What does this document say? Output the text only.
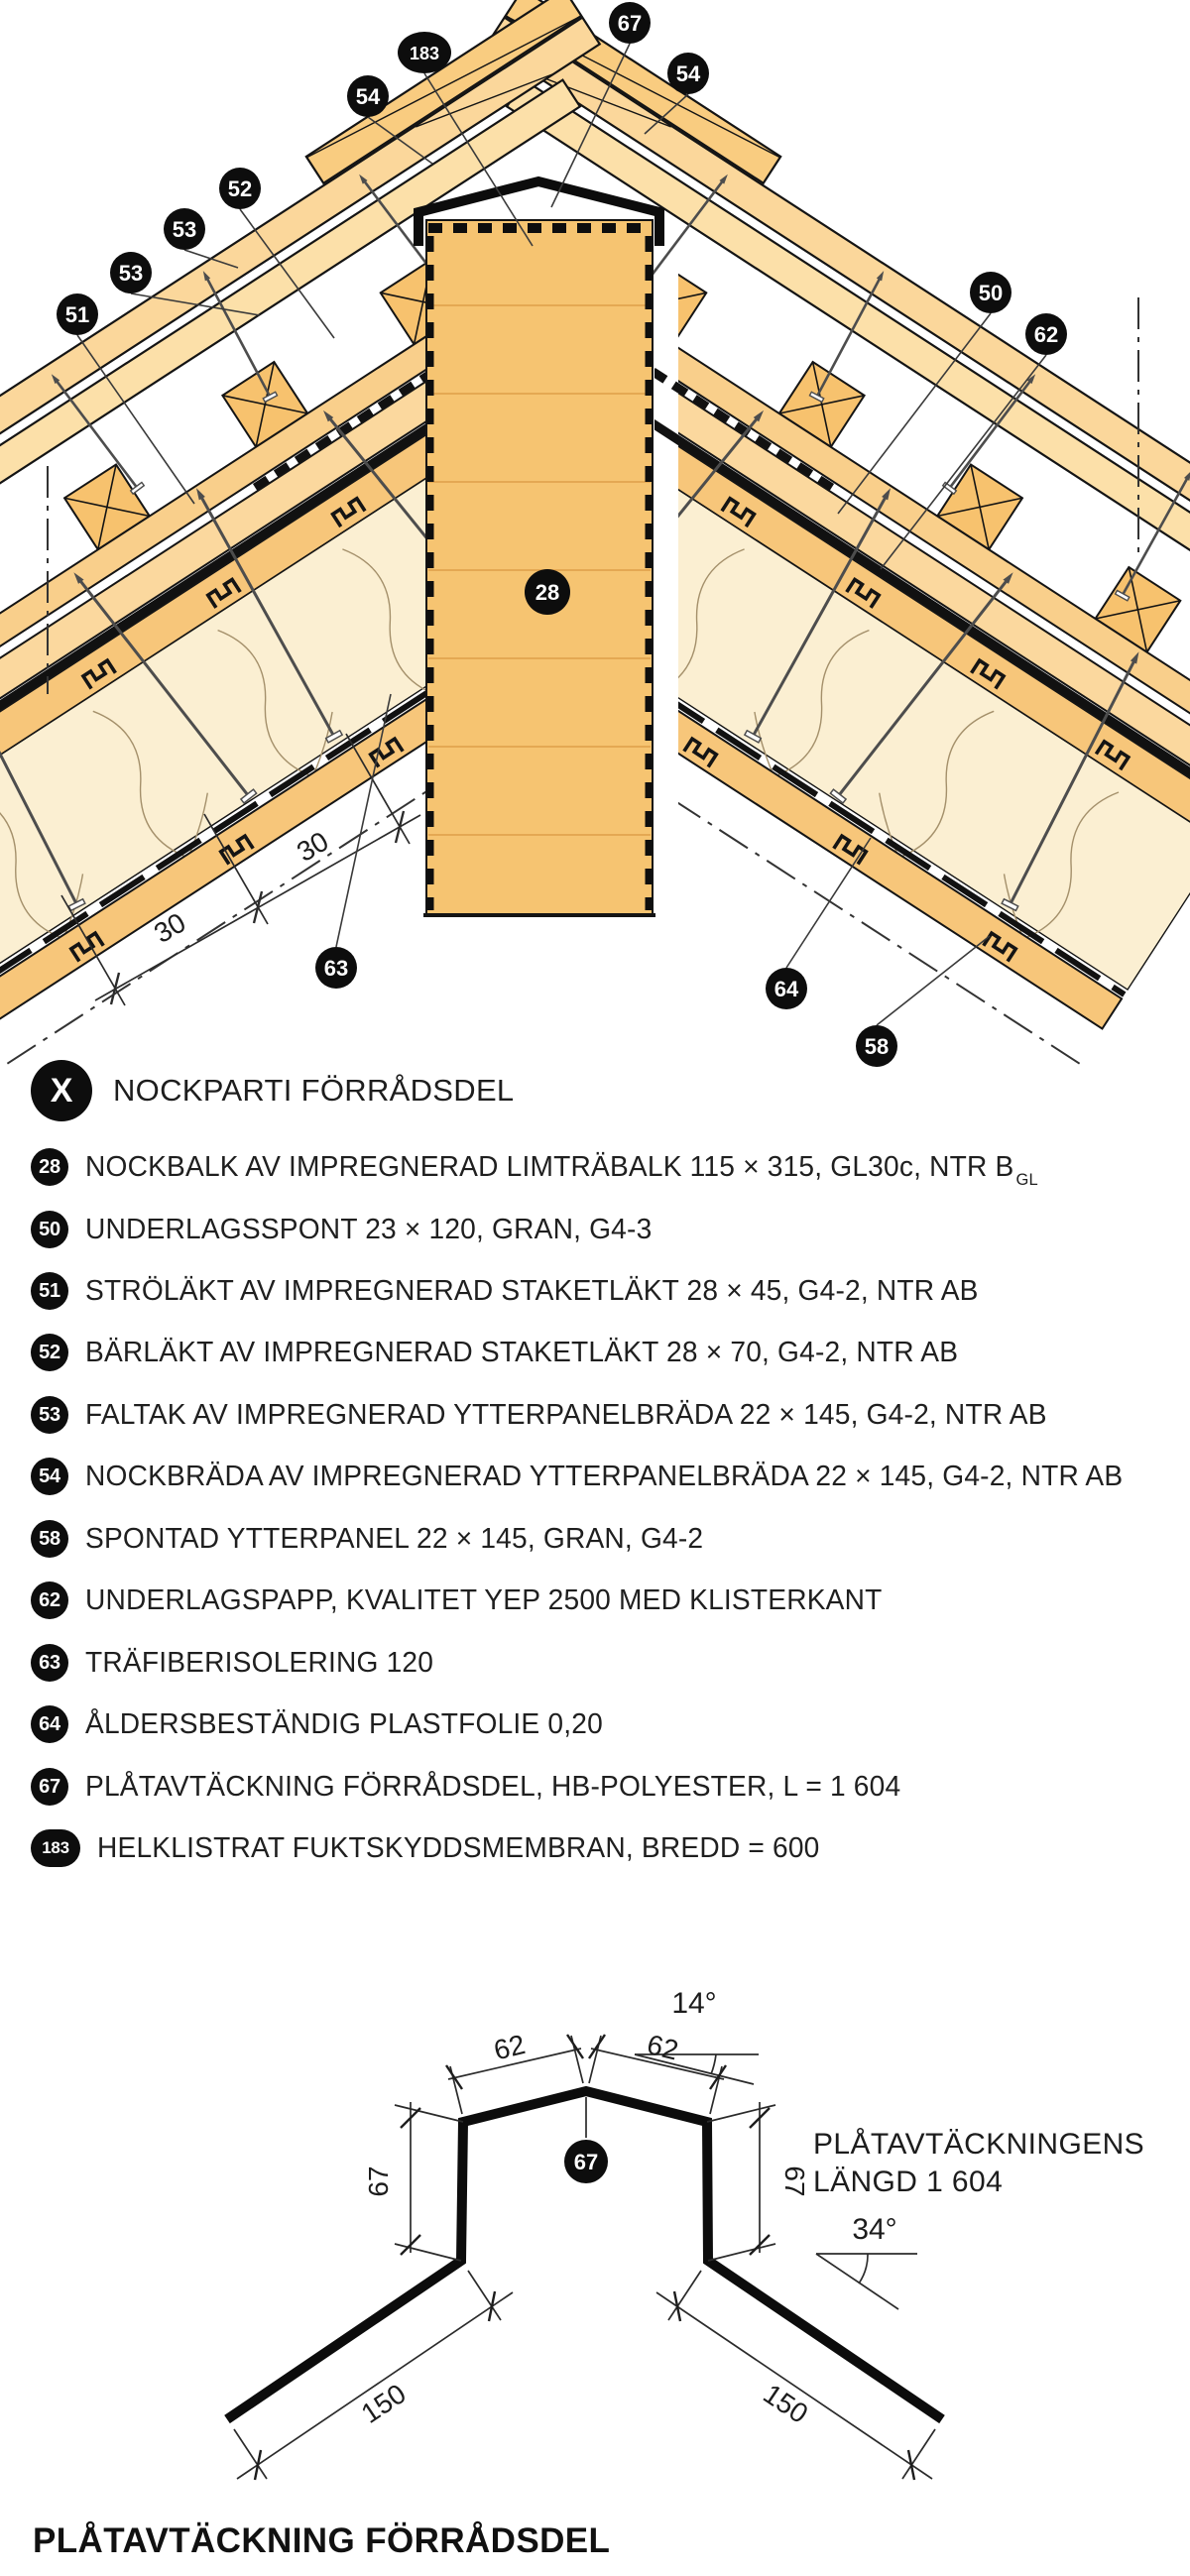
30
30
67
183
54
54
52
53
53
51
50
62
28
63
64
58
X	NOCKPARTI FÖRRÅDSDEL
28 NOCKBALK AV IMPREGNERAD LIMTRÄBALK 115 × 315, GL30c, NTR B $_{GL}$
50 UNDERLAGSSPONT 23 × 120, GRAN, G4-3
51 STRÖLÄKT AV IMPREGNERAD STAKETLÄKT 28 × 45, G4-2, NTR AB
52 BÄRLÄKT AV IMPREGNERAD STAKETLÄKT 28 × 70, G4-2, NTR AB
53 FALTAK AV IMPREGNERAD YTTERPANELBRÄDA 22 × 145, G4-2, NTR AB
54 NOCKBRÄDA AV IMPREGNERAD YTTERPANELBRÄDA 22 × 145, G4-2, NTR AB
58 SPONTAD YTTERPANEL 22 × 145, GRAN, G4-2
62 UNDERLAGSPAPP, KVALITET YEP 2500 MED KLISTERKANT
63 TRÄFIBERISOLERING 120
64 ÅLDERSBESTÄNDIG PLASTFOLIE 0,20
67 PLÅTAVTÄCKNING FÖRRÅDSDEL, HB-POLYESTER, L = 1 604
183 HELKLISTRAT FUKTSKYDDSMEMBRAN, BREDD = 600
62	62
67	67
150	150
14°
34°
PLÅTAVTÄCKNINGENS
LÄNGD 1 604
67
PLÅTAVTÄCKNING FÖRRÅDSDEL
